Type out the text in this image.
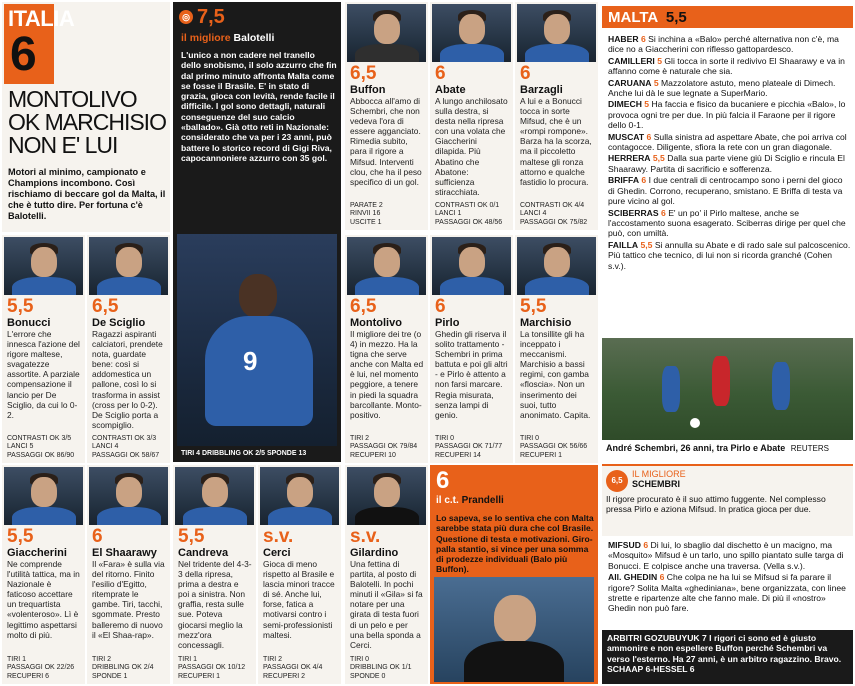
ITALIA
6
MONTOLIVO OK MARCHISIO NON E' LUI
Motori al minimo, campionato e Champions incombono. Così rischiamo di beccare gol da Malta, il che è tutto dire. Per fortuna c'è Balotelli.
◎ 7,5
il migliore Balotelli
L'unico a non cadere nel tranello dello snobismo, il solo azzurro che fin dal primo minuto affronta Malta come se fosse il Brasile. E' in stato di grazia, gioca con levità, rende facile il difficile. I gol sono dettagli, naturali conseguenze del suo calcio «ballado». Già otto reti in Nazionale: considerato che va per i 23 anni, può battere lo storico record di Gigi Riva, capocannoniere azzurro con 35 gol.
9
TIRI 4 DRIBBLING OK 2/5 SPONDE 13
6,5
Buffon
Abbocca all'amo di Schembri, che non vedeva l'ora di essere agganciato. Rimedia subito, para il rigore a Mifsud. Interventi clou, che ha il peso specifico di un gol.
PARATE 2
RINVII 16
USCITE 1
6
Abate
A lungo anchilosato sulla destra, si desta nella ripresa con una volata che Giaccherini dilapida. Più Abatino che Abatone: sufficienza stiracchiata.
CONTRASTI OK 0/1
LANCI 1
PASSAGGI OK 48/56
6
Barzagli
A lui e a Bonucci tocca in sorte Mifsud, che è un «rompi rompone». Barza ha la scorza, ma il piccoletto maltese gli ronza attorno e qualche fastidio lo procura.
CONTRASTI OK 4/4
LANCI 4
PASSAGGI OK 75/82
5,5
Bonucci
L'errore che innesca l'azione del rigore maltese, svagatezze assortite. A parziale compensazione il lancio per De Sciglio, da cui lo 0-2.
CONTRASTI OK 3/5
LANCI 5
PASSAGGI OK 86/90
6,5
De Sciglio
Ragazzi aspiranti calciatori, prendete nota, guardate bene: così si addomestica un pallone, così lo si trasforma in assist (cross per lo 0-2). De Sciglio porta a scompiglio.
CONTRASTI OK 3/3
LANCI 4
PASSAGGI OK 58/67
6,5
Montolivo
Il migliore dei tre (o 4) in mezzo. Ha la tigna che serve anche con Malta ed è lui, nel momento peggiore, a tenere in piedi la squadra barcollante. Monto-positivo.
TIRI 2
PASSAGGI OK 79/84
RECUPERI 10
6
Pirlo
Ghedin gli riserva il solito trattamento - Schembri in prima battuta e poi gli altri - e Pirlo è attento a non farsi marcare. Regia misurata, senza lampi di genio.
TIRI 0
PASSAGGI OK 71/77
RECUPERI 14
5,5
Marchisio
La tonsillite gli ha inceppato i meccanismi. Marchisio a bassi regimi, con gamba «floscia». Non un inserimento dei suoi, tutto anonimato. Capita.
TIRI 0
PASSAGGI OK 56/66
RECUPERI 1
5,5
Giaccherini
Ne comprende l'utilità tattica, ma in Nazionale è faticoso accettare un trequartista «volenteroso». Lì è legittimo aspettarsi molto di più.
TIRI 1
PASSAGGI OK 22/26
RECUPERI 6
6
El Shaarawy
Il «Fara» è sulla via del ritorno. Finito l'esilio d'Egitto, ritemprate le gambe. Tiri, tacchi, sgommate. Presto balleremo di nuovo il «El Shaa-rap».
TIRI 2
DRIBBLING OK 2/4
SPONDE 1
5,5
Candreva
Nel tridente del 4-3-3 della ripresa, prima a destra e poi a sinistra. Non graffia, resta sulle sue. Poteva giocarsi meglio la mezz'ora concessagli.
TIRI 1
PASSAGGI OK 10/12
RECUPERI 1
s.v.
Cerci
Gioca di meno rispetto al Brasile e lascia minori tracce di sé. Anche lui, forse, fatica a motivarsi contro i semi-professionisti maltesi.
TIRI 2
PASSAGGI OK 4/4
RECUPERI 2
s.v.
Gilardino
Una fettina di partita, al posto di Balotelli. In pochi minuti il «Gila» si fa notare per una girata di testa fuori di un pelo e per una bella sponda a Cerci.
TIRI 0
DRIBBLING OK 1/1
SPONDE 0
6
il c.t. Prandelli
Lo sapeva, se lo sentiva che con Malta sarebbe stata più dura che col Brasile. Questione di testa e motivazioni. Giro-palla stantio, si vince per una somma di prodezze individuali (Balo più Buffon).
MALTA 5,5
HABER 6 Si inchina a «Balo» perché alternativa non c'è, ma dice no a Giaccherini con riflesso gattopardesco.
CAMILLERI 5 Gli tocca in sorte il redivivo El Shaarawy e va in affanno come è naturale che sia.
CARUANA 5 Mazzolatore astuto, meno plateale di Dimech. Anche lui dà le sue legnate a SuperMario.
DIMECH 5 Ha faccia e fisico da bucaniere e picchia «Balo», lo provoca ogni tre per due. In più falcia il Faraone per il rigore dello 0-1.
MUSCAT 6 Sulla sinistra ad aspettare Abate, che poi arriva col contagocce. Diligente, sfiora la rete con un gran diagonale.
HERRERA 5,5 Dalla sua parte viene giù Di Sciglio e rincula El Shaarawy. Partita di sacrificio e sofferenza.
BRIFFA 6 I due centrali di centrocampo sono i perni del gioco di Ghedin. Corrono, recuperano, smistano. E Briffa di testa va pure vicino al gol.
SCIBERRAS 6 E' un po' il Pirlo maltese, anche se l'accostamento suona esagerato. Sciberras dirige per quel che può, con umiltà.
FAILLA 5,5 Si annulla su Abate e di rado sale sul palcoscenico. Più tattico che tecnico, di lui non si ricorda granché (Cohen s.v.).
André Schembri, 26 anni, tra Pirlo e Abate REUTERS
6,5
IL MIGLIORE
SCHEMBRI
Il rigore procurato è il suo attimo fuggente. Nel complesso pressa Pirlo e azionа Mifsud. In pratica gioca per due.
MIFSUD 6 Di lui, lo sbaglio dal dischetto è un macigno, ma «Mosquito» Mifsud è un tarlo, uno spillo piantato sulle targa di Bonucci. E colpisce anche una traversa. (Vella s.v.).
All. GHEDIN 6 Che colpa ne ha lui se Mifsud si fa parare il rigore? Solita Malta «ghediniana», bene organizzata, con linee strette e ripartenze alte che fanno male. Di più il «nostro» Ghedin non può fare.
ARBITRI GOZUBUYUK 7 I rigori ci sono ed è giusto ammonire e non espellere Buffon perché Schembri va verso l'esterno. Ha 27 anni, è un arbitro ragazzino. Bravo. SCHAAP 6-HESSEL 6
